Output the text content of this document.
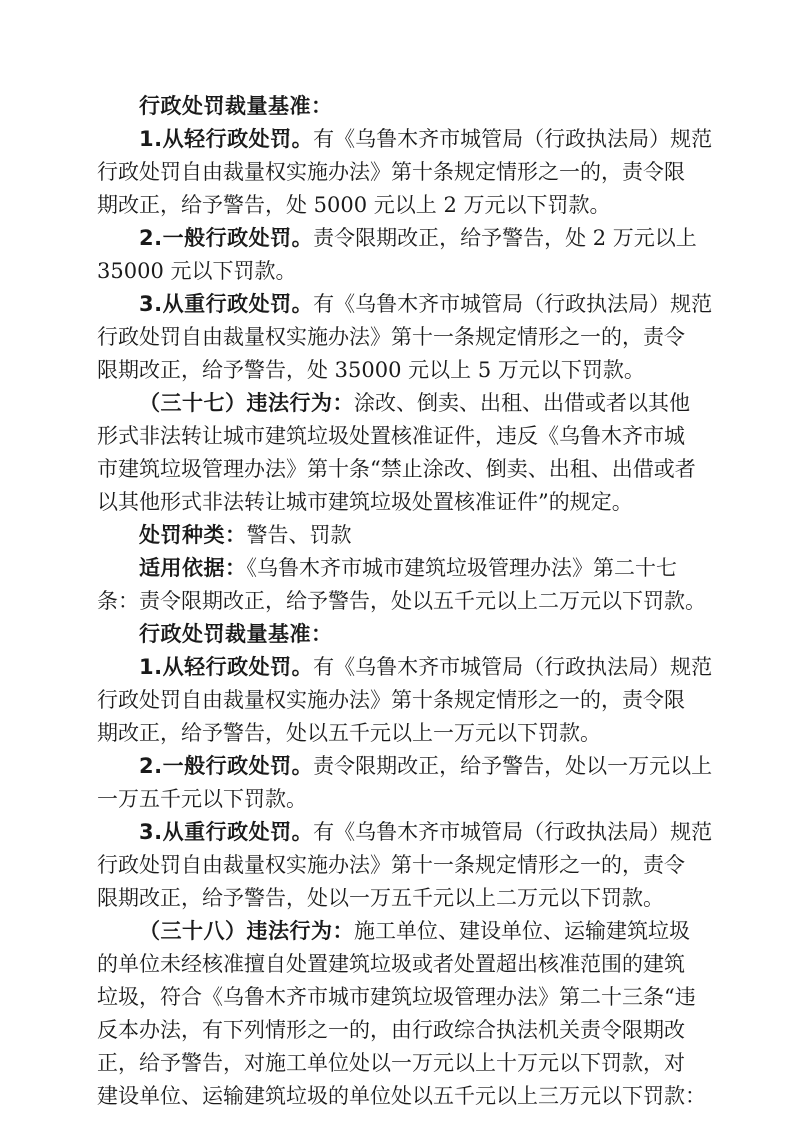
行政处罚裁量基准：
1.从轻行政处罚。有《乌鲁木齐市城管局（行政执法局）规范
行政处罚自由裁量权实施办法》第十条规定情形之一的，责令限
期改正，给予警告，处 5000 元以上 2 万元以下罚款。
2.一般行政处罚。责令限期改正，给予警告，处 2 万元以上
35000 元以下罚款。
3.从重行政处罚。有《乌鲁木齐市城管局（行政执法局）规范
行政处罚自由裁量权实施办法》第十一条规定情形之一的，责令
限期改正，给予警告，处 35000 元以上 5 万元以下罚款。
（三十七）违法行为：涂改、倒卖、出租、出借或者以其他
形式非法转让城市建筑垃圾处置核准证件，违反《乌鲁木齐市城
市建筑垃圾管理办法》第十条“禁止涂改、倒卖、出租、出借或者
以其他形式非法转让城市建筑垃圾处置核准证件”的规定。
处罚种类：警告、罚款
适用依据：《乌鲁木齐市城市建筑垃圾管理办法》第二十七
条：责令限期改正，给予警告，处以五千元以上二万元以下罚款。
行政处罚裁量基准：
1.从轻行政处罚。有《乌鲁木齐市城管局（行政执法局）规范
行政处罚自由裁量权实施办法》第十条规定情形之一的，责令限
期改正，给予警告，处以五千元以上一万元以下罚款。
2.一般行政处罚。责令限期改正，给予警告，处以一万元以上
一万五千元以下罚款。
3.从重行政处罚。有《乌鲁木齐市城管局（行政执法局）规范
行政处罚自由裁量权实施办法》第十一条规定情形之一的，责令
限期改正，给予警告，处以一万五千元以上二万元以下罚款。
（三十八）违法行为：施工单位、建设单位、运输建筑垃圾
的单位未经核准擅自处置建筑垃圾或者处置超出核准范围的建筑
垃圾，符合《乌鲁木齐市城市建筑垃圾管理办法》第二十三条“违
反本办法，有下列情形之一的，由行政综合执法机关责令限期改
正，给予警告，对施工单位处以一万元以上十万元以下罚款，对
建设单位、运输建筑垃圾的单位处以五千元以上三万元以下罚款：
